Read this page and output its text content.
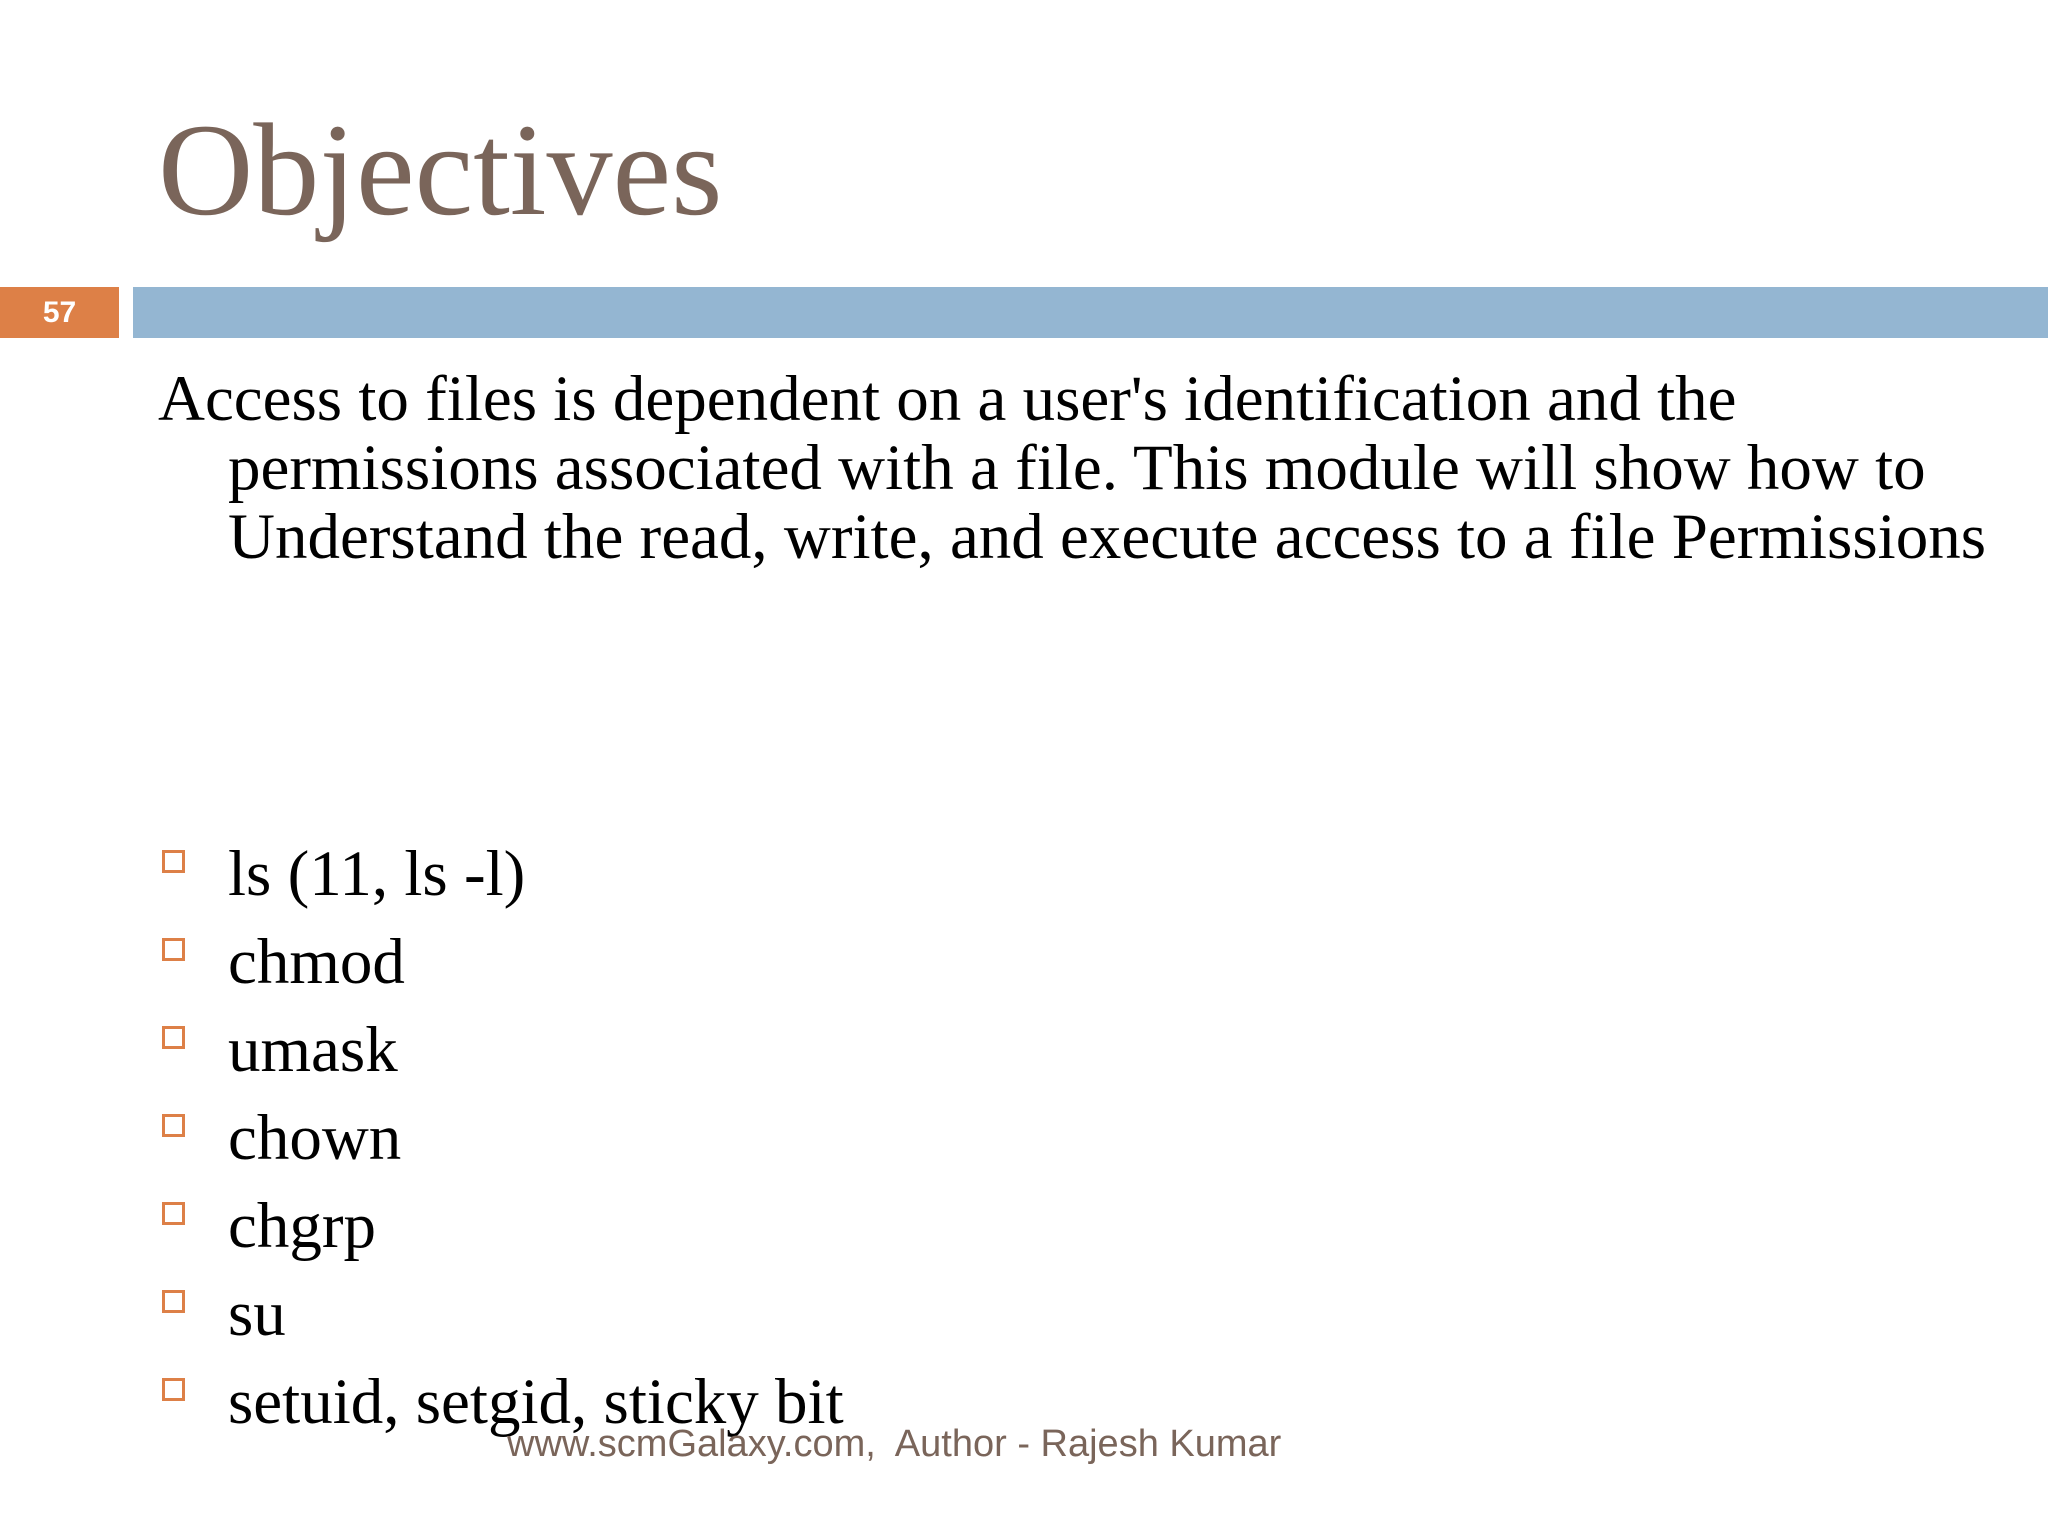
Objectives
57

Access to files is dependent on a user's identification and the permissions associated with a file. This module will show how to Understand the read, write, and execute access to a file Permissions

ls (11, ls -l)
chmod
umask
chown
chgrp
su
setuid, setgid, sticky bit
www.scmGalaxy.com,  Author - Rajesh Kumar
